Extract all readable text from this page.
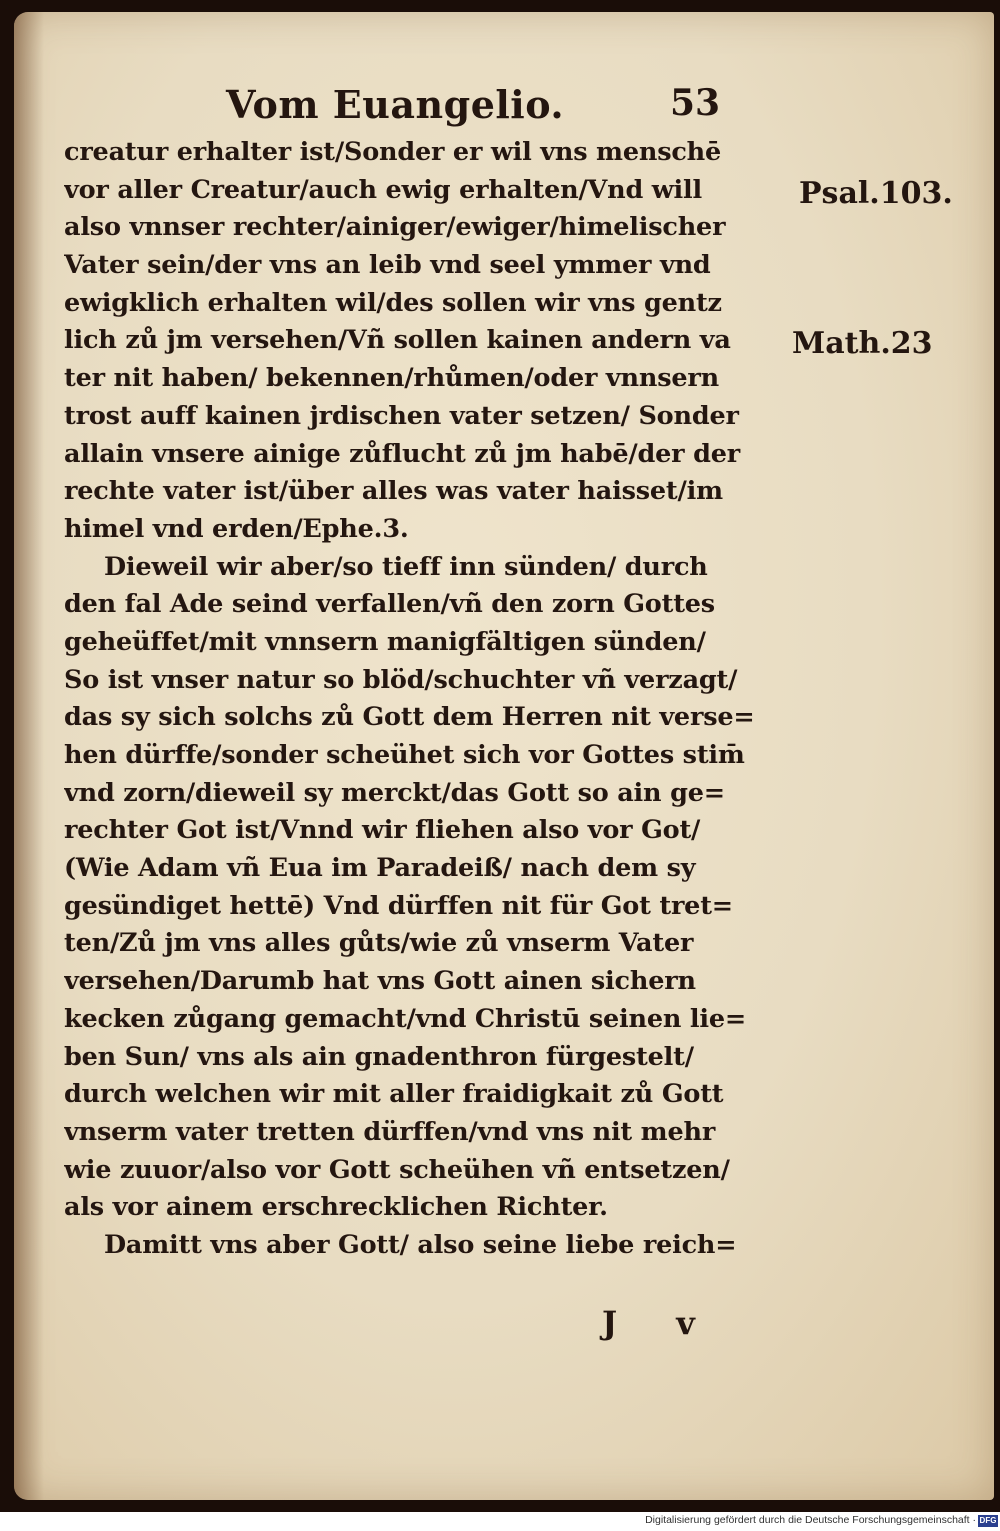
Vom Euangelio.	53
creatur erhalter ist/Sonder er wil vns menschē
vor aller Creatur/auch ewig erhalten/Vnd will
also vnnser rechter/ainiger/ewiger/himelischer
Vater sein/der vns an leib vnd seel ymmer vnd
ewigklich erhalten wil/des sollen wir vns gentz
lich zů jm versehen/Vñ sollen kainen andern va
ter nit haben/ bekennen/rhůmen/oder vnnsern
trost auff kainen jrdischen vater setzen/ Sonder
allain vnsere ainige zůflucht zů jm habē/der der
rechte vater ist/über alles was vater haisset/im
himel vnd erden/Ephe.3.
Dieweil wir aber/so tieff inn sünden/ durch
den fal Ade seind verfallen/vñ den zorn Gottes
geheüffet/mit vnnsern manigfältigen sünden/
So ist vnser natur so blöd/schuchter vñ verzagt/
das sy sich solchs zů Gott dem Herren nit verse=
hen dürffe/sonder scheühet sich vor Gottes stim̄
vnd zorn/dieweil sy merckt/das Gott so ain ge=
rechter Got ist/Vnnd wir fliehen also vor Got/
(Wie Adam vñ Eua im Paradeiß/ nach dem sy
gesündiget hettē) Vnd dürffen nit für Got tret=
ten/Zů jm vns alles gůts/wie zů vnserm Vater
versehen/Darumb hat vns Gott ainen sichern
kecken zůgang gemacht/vnd Christū seinen lie=
ben Sun/ vns als ain gnadenthron fürgestelt/
durch welchen wir mit aller fraidigkait zů Gott
vnserm vater tretten dürffen/vnd vns nit mehr
wie zuuor/also vor Gott scheühen vñ entsetzen/
als vor ainem erschrecklichen Richter.
Damitt vns aber Gott/ also seine liebe reich=
Psal.103.
Math.23
J v
Digitalisierung gefördert durch die Deutsche Forschungsgemeinschaft · DFG
